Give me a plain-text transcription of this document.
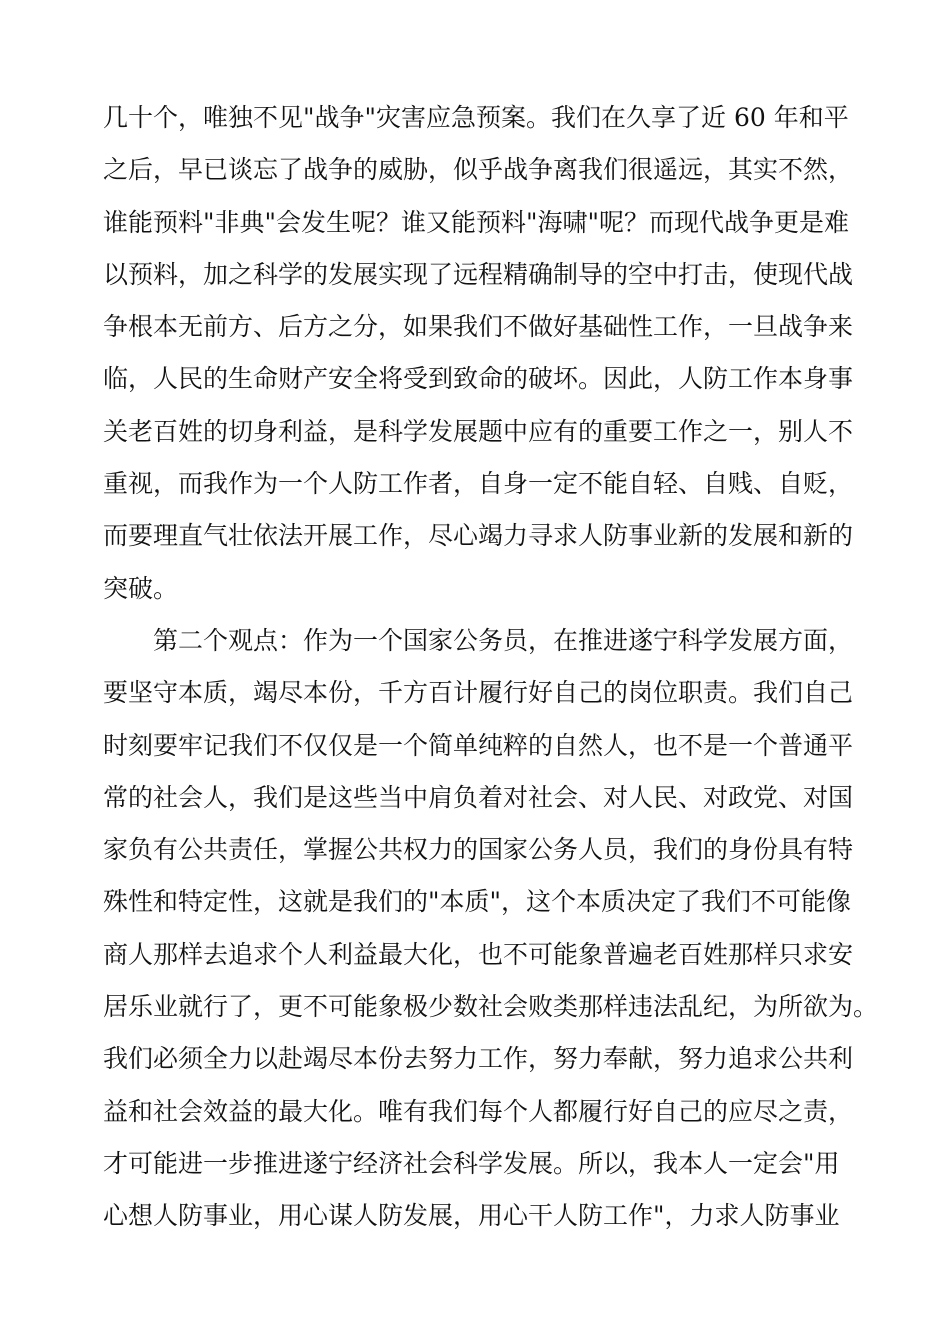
几十个，唯独不见"战争"灾害应急预案。我们在久享了近 60 年和平
之后，早已谈忘了战争的威胁，似乎战争离我们很遥远，其实不然，
谁能预料"非典"会发生呢？谁又能预料"海啸"呢？而现代战争更是难
以预料，加之科学的发展实现了远程精确制导的空中打击，使现代战
争根本无前方、后方之分，如果我们不做好基础性工作，一旦战争来
临，人民的生命财产安全将受到致命的破坏。因此，人防工作本身事
关老百姓的切身利益，是科学发展题中应有的重要工作之一，别人不
重视，而我作为一个人防工作者，自身一定不能自轻、自贱、自贬，
而要理直气壮依法开展工作，尽心竭力寻求人防事业新的发展和新的
突破。
第二个观点：作为一个国家公务员，在推进遂宁科学发展方面，
要坚守本质，竭尽本份，千方百计履行好自己的岗位职责。我们自己
时刻要牢记我们不仅仅是一个简单纯粹的自然人，也不是一个普通平
常的社会人，我们是这些当中肩负着对社会、对人民、对政党、对国
家负有公共责任，掌握公共权力的国家公务人员，我们的身份具有特
殊性和特定性，这就是我们的"本质"，这个本质决定了我们不可能像
商人那样去追求个人利益最大化，也不可能象普遍老百姓那样只求安
居乐业就行了，更不可能象极少数社会败类那样违法乱纪，为所欲为。
我们必须全力以赴竭尽本份去努力工作，努力奉献，努力追求公共利
益和社会效益的最大化。唯有我们每个人都履行好自己的应尽之责，
才可能进一步推进遂宁经济社会科学发展。所以，我本人一定会"用
心想人防事业，用心谋人防发展，用心干人防工作"，力求人防事业
